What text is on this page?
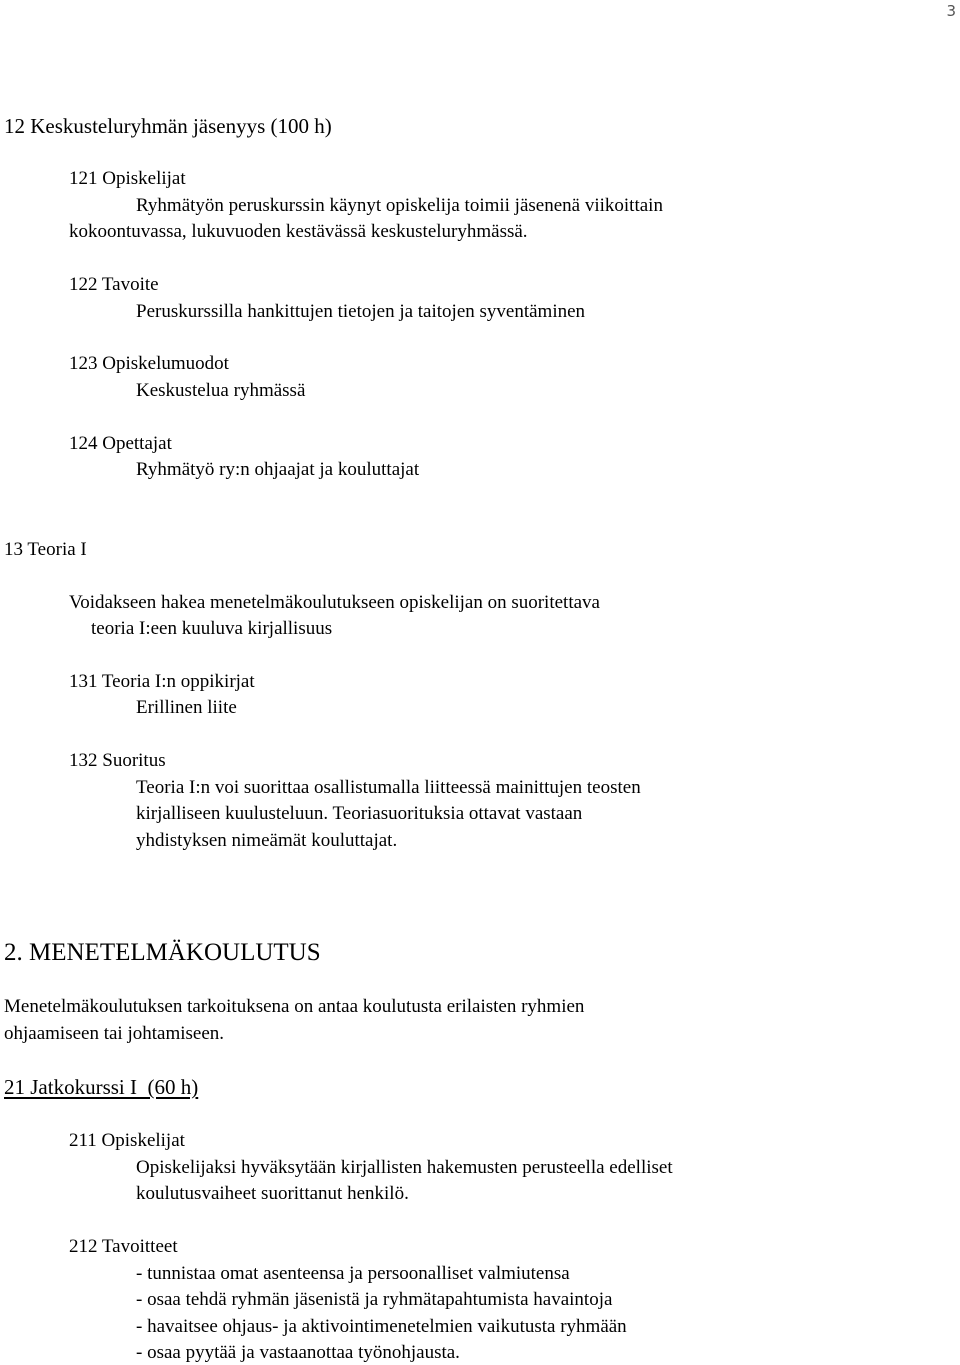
3
12 Keskusteluryhmän jäsenyys (100 h)
121 Opiskelijat
Ryhmätyön peruskurssin käynyt opiskelija toimii jäsenenä viikoittain
kokoontuvassa, lukuvuoden kestävässä keskusteluryhmässä.
122 Tavoite
Peruskurssilla hankittujen tietojen ja taitojen syventäminen
123 Opiskelumuodot
Keskustelua ryhmässä
124 Opettajat
Ryhmätyö ry:n ohjaajat ja kouluttajat
13 Teoria I
Voidakseen hakea menetelmäkoulutukseen opiskelijan on suoritettava
teoria I:een kuuluva kirjallisuus
131 Teoria I:n oppikirjat
Erillinen liite
132 Suoritus
Teoria I:n voi suorittaa osallistumalla liitteessä mainittujen teosten
kirjalliseen kuulusteluun. Teoriasuorituksia ottavat vastaan
yhdistyksen nimeämät kouluttajat.
2. MENETELMÄKOULUTUS
Menetelmäkoulutuksen tarkoituksena on antaa koulutusta erilaisten ryhmien
ohjaamiseen tai johtamiseen.
21 Jatkokurssi I  (60 h)
211 Opiskelijat
Opiskelijaksi hyväksytään kirjallisten hakemusten perusteella edelliset
koulutusvaiheet suorittanut henkilö.
212 Tavoitteet
- tunnistaa omat asenteensa ja persoonalliset valmiutensa
- osaa tehdä ryhmän jäsenistä ja ryhmätapahtumista havaintoja
- havaitsee ohjaus- ja aktivointimenetelmien vaikutusta ryhmään
- osaa pyytää ja vastaanottaa työnohjausta.
